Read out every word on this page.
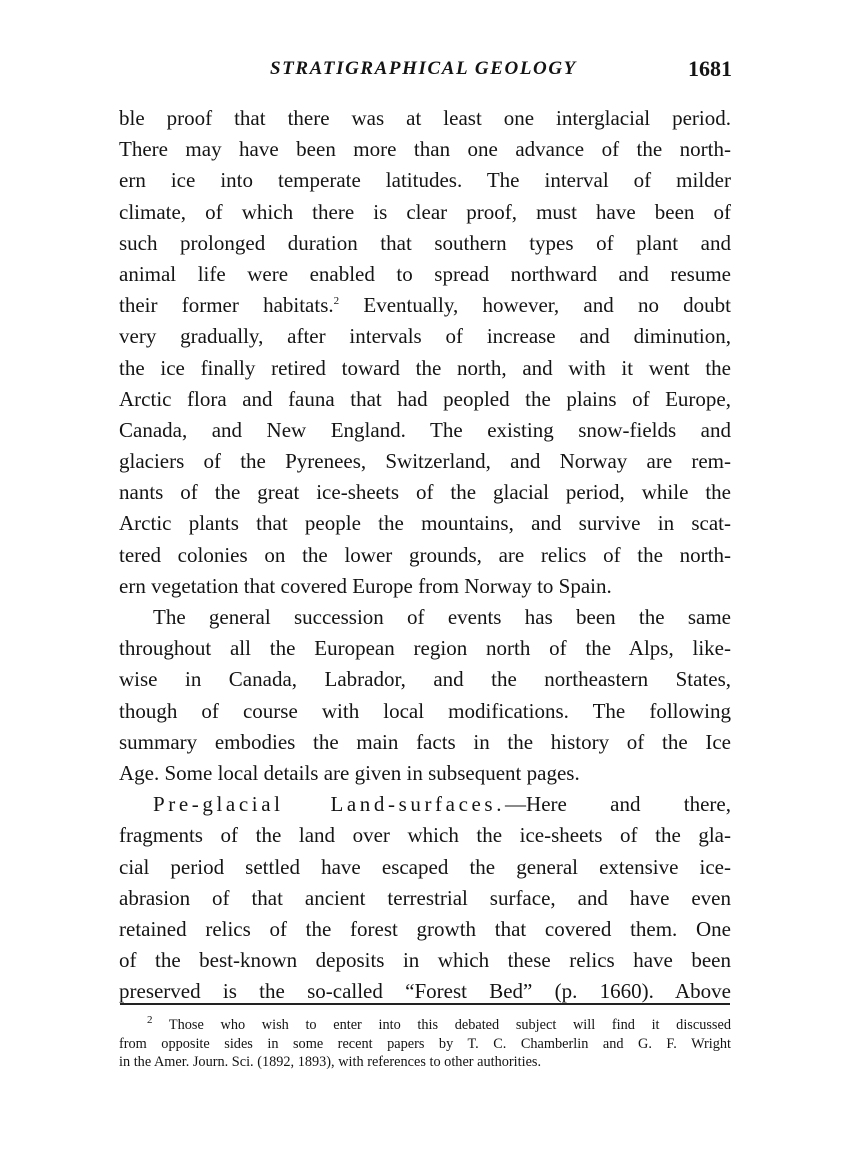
STRATIGRAPHICAL GEOLOGY	1681
ble proof that there was at least one interglacial period.
There may have been more than one advance of the north-
ern ice into temperate latitudes. The interval of milder
climate, of which there is clear proof, must have been of
such prolonged duration that southern types of plant and
animal life were enabled to spread northward and resume
their former habitats.$^2$ Eventually, however, and no doubt
very gradually, after intervals of increase and diminution,
the ice finally retired toward the north, and with it went the
Arctic flora and fauna that had peopled the plains of Europe,
Canada, and New England. The existing snow-fields and
glaciers of the Pyrenees, Switzerland, and Norway are rem-
nants of the great ice-sheets of the glacial period, while the
Arctic plants that people the mountains, and survive in scat-
tered colonies on the lower grounds, are relics of the north-
ern vegetation that covered Europe from Norway to Spain.
The general succession of events has been the same
throughout all the European region north of the Alps, like-
wise in Canada, Labrador, and the northeastern States,
though of course with local modifications. The following
summary embodies the main facts in the history of the Ice
Age. Some local details are given in subsequent pages.
Pre-glacial Land-surfaces.—Here and there,
fragments of the land over which the ice-sheets of the gla-
cial period settled have escaped the general extensive ice-
abrasion of that ancient terrestrial surface, and have even
retained relics of the forest growth that covered them. One
of the best-known deposits in which these relics have been
preserved is the so-called “Forest Bed” (p. 1660). Above
$^2$ Those who wish to enter into this debated subject will find it discussed
from opposite sides in some recent papers by T. C. Chamberlin and G. F. Wright
in the Amer. Journ. Sci. (1892, 1893), with references to other authorities.
